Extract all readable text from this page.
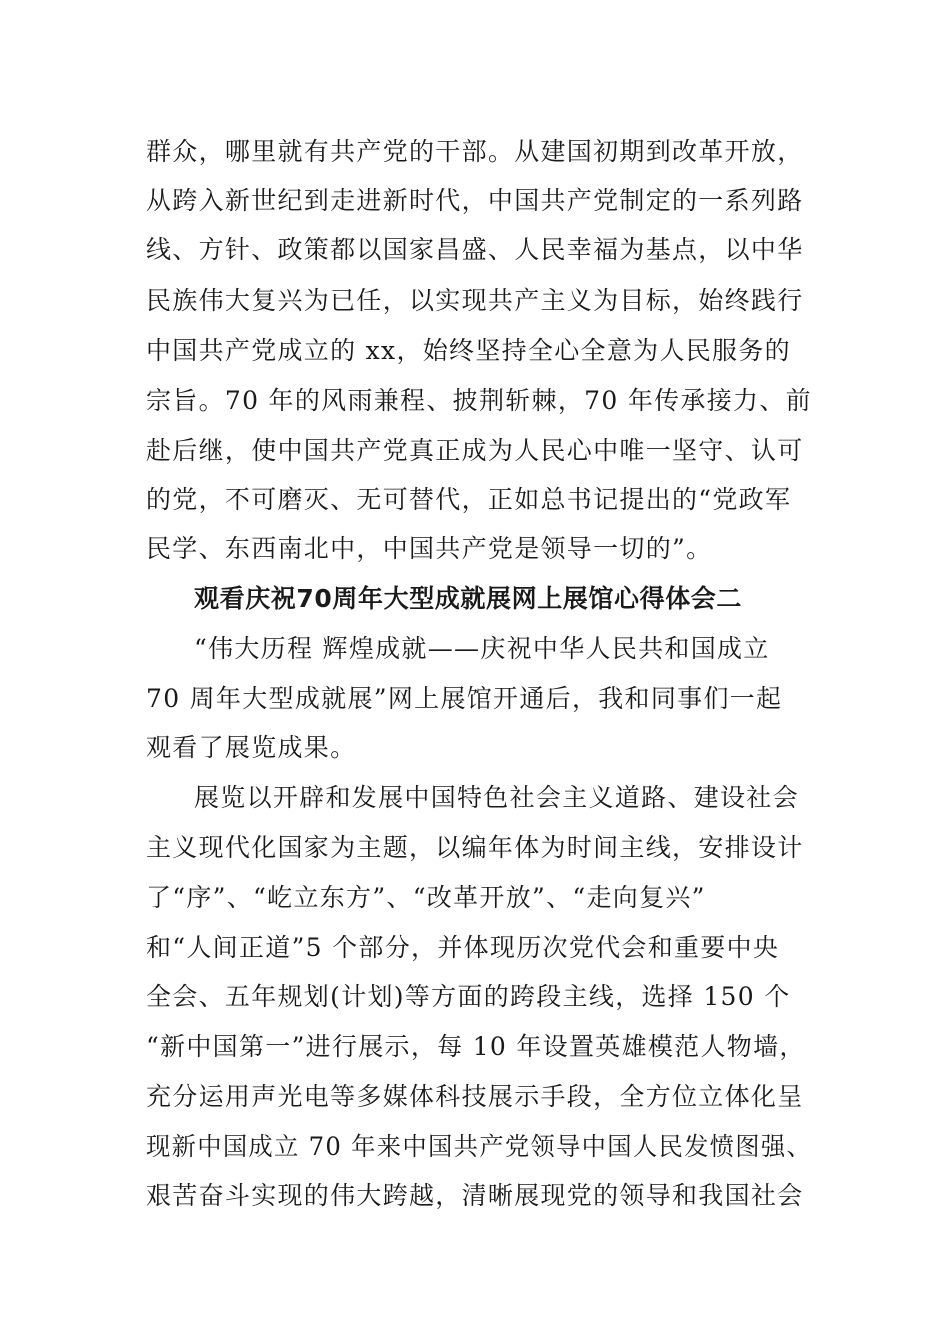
群众，哪里就有共产党的干部。从建国初期到改革开放，
从跨入新世纪到走进新时代，中国共产党制定的一系列路
线、方针、政策都以国家昌盛、人民幸福为基点，以中华
民族伟大复兴为已任，以实现共产主义为目标，始终践行
中国共产党成立的 xx，始终坚持全心全意为人民服务的
宗旨。70 年的风雨兼程、披荆斩棘，70 年传承接力、前
赴后继，使中国共产党真正成为人民心中唯一坚守、认可
的党，不可磨灭、无可替代，正如总书记提出的“党政军
民学、东西南北中，中国共产党是领导一切的”。
观看庆祝70周年大型成就展网上展馆心得体会二
“伟大历程 辉煌成就——庆祝中华人民共和国成立
70 周年大型成就展”网上展馆开通后，我和同事们一起
观看了展览成果。
展览以开辟和发展中国特色社会主义道路、建设社会
主义现代化国家为主题，以编年体为时间主线，安排设计
了“序”、“屹立东方”、“改革开放”、“走向复兴”
和“人间正道”5 个部分，并体现历次党代会和重要中央
全会、五年规划(计划)等方面的跨段主线，选择 150 个
“新中国第一”进行展示，每 10 年设置英雄模范人物墙，
充分运用声光电等多媒体科技展示手段，全方位立体化呈
现新中国成立 70 年来中国共产党领导中国人民发愤图强、
艰苦奋斗实现的伟大跨越，清晰展现党的领导和我国社会
